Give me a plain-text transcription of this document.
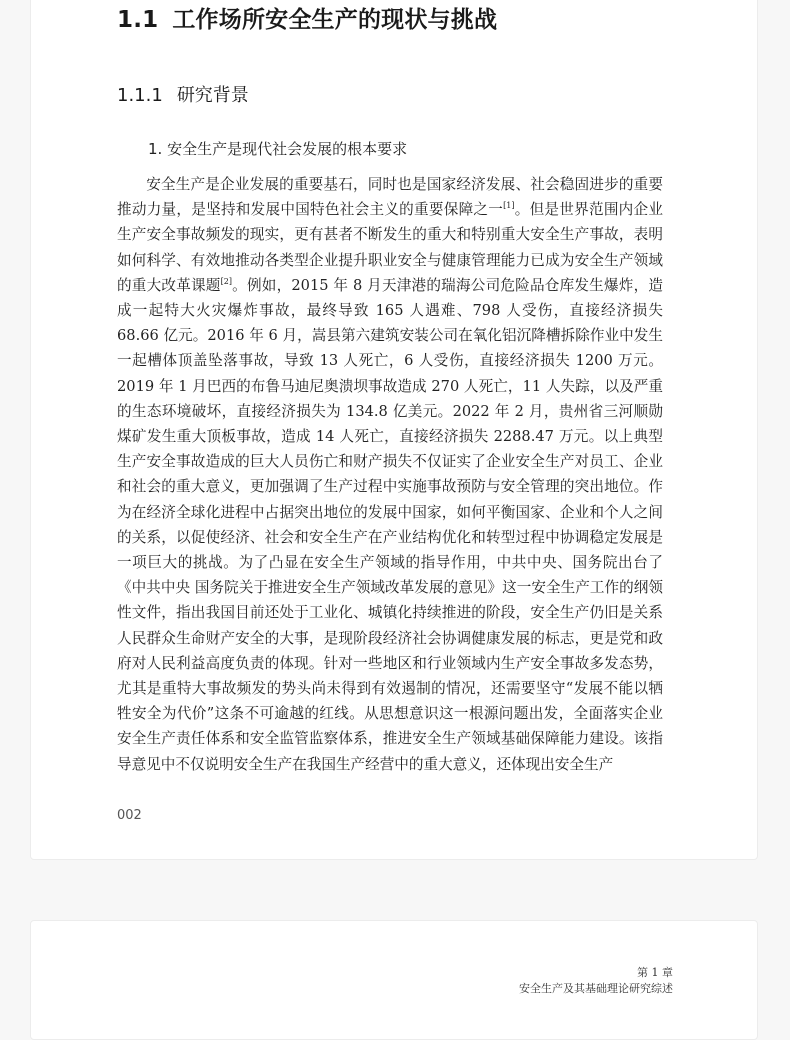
1.1 工作场所安全生产的现状与挑战
1.1.1 研究背景

1. 安全生产是现代社会发展的根本要求

安全生产是企业发展的重要基石，同时也是国家经济发展、社会稳固进步的重要推动力量，是坚持和发展中国特色社会主义的重要保障之一[1]。但是世界范围内企业生产安全事故频发的现实，更有甚者不断发生的重大和特别重大安全生产事故，表明如何科学、有效地推动各类型企业提升职业安全与健康管理能力已成为安全生产领域的重大改革课题[2]。例如，2015 年 8 月天津港的瑞海公司危险品仓库发生爆炸，造成一起特大火灾爆炸事故，最终导致 165 人遇难、798 人受伤，直接经济损失 68.66 亿元。2016 年 6 月，嵩县第六建筑安装公司在氧化铝沉降槽拆除作业中发生一起槽体顶盖坠落事故，导致 13 人死亡，6 人受伤，直接经济损失 1200 万元。2019 年 1 月巴西的布鲁马迪尼奥溃坝事故造成 270 人死亡，11 人失踪，以及严重的生态环境破坏，直接经济损失为 134.8 亿美元。2022 年 2 月，贵州省三河顺勋煤矿发生重大顶板事故，造成 14 人死亡，直接经济损失 2288.47 万元。以上典型生产安全事故造成的巨大人员伤亡和财产损失不仅证实了企业安全生产对员工、企业和社会的重大意义，更加强调了生产过程中实施事故预防与安全管理的突出地位。作为在经济全球化进程中占据突出地位的发展中国家，如何平衡国家、企业和个人之间的关系，以促使经济、社会和安全生产在产业结构优化和转型过程中协调稳定发展是一项巨大的挑战。为了凸显在安全生产领域的指导作用，中共中央、国务院出台了《中共中央 国务院关于推进安全生产领域改革发展的意见》这一安全生产工作的纲领性文件，指出我国目前还处于工业化、城镇化持续推进的阶段，安全生产仍旧是关系人民群众生命财产安全的大事，是现阶段经济社会协调健康发展的标志，更是党和政府对人民利益高度负责的体现。针对一些地区和行业领域内生产安全事故多发态势，尤其是重特大事故频发的势头尚未得到有效遏制的情况，还需要坚守“发展不能以牺牲安全为代价”这条不可逾越的红线。从思想意识这一根源问题出发，全面落实企业安全生产责任体系和安全监管监察体系，推进安全生产领域基础保障能力建设。该指导意见中不仅说明安全生产在我国生产经营中的重大意义，还体现出安全生产

002

第 1 章
安全生产及其基础理论研究综述
